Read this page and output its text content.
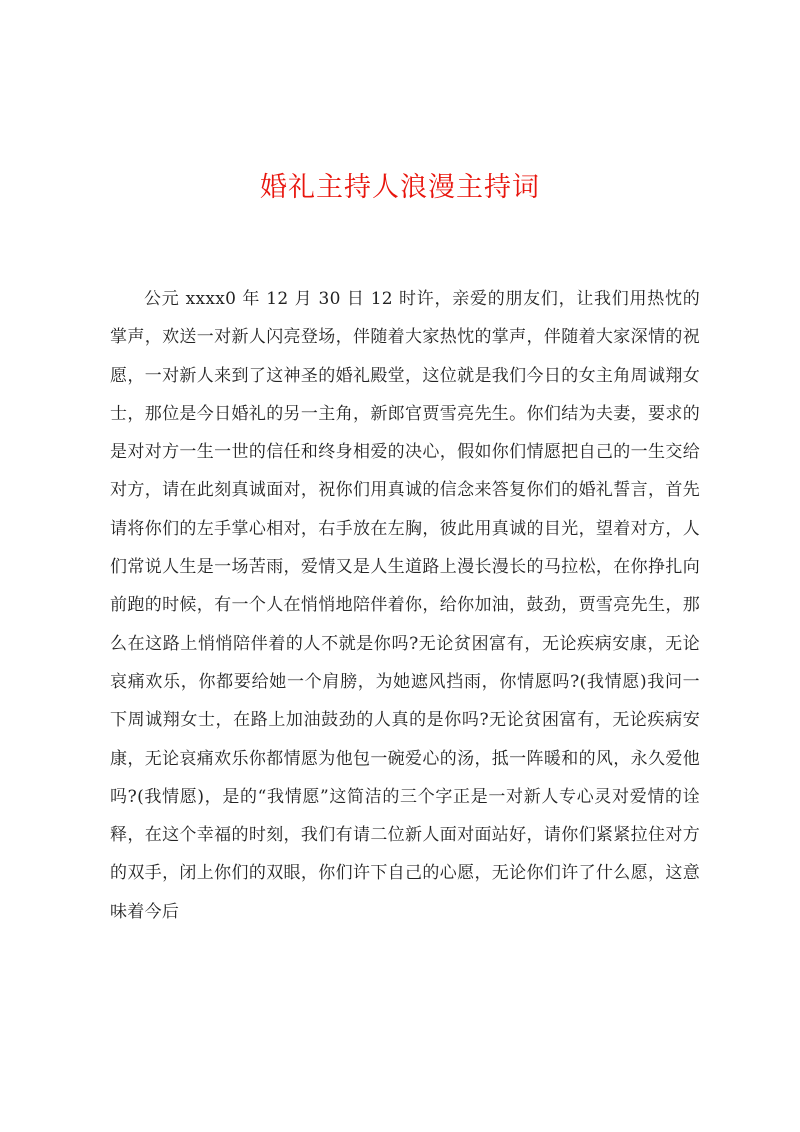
婚礼主持人浪漫主持词

公元 xxxx0 年 12 月 30 日 12 时许，亲爱的朋友们，让我们用热忱的掌声，欢送一对新人闪亮登场，伴随着大家热忱的掌声，伴随着大家深情的祝愿，一对新人来到了这神圣的婚礼殿堂，这位就是我们今日的女主角周诚翔女士，那位是今日婚礼的另一主角，新郎官贾雪亮先生。你们结为夫妻，要求的是对对方一生一世的信任和终身相爱的决心，假如你们情愿把自己的一生交给对方，请在此刻真诚面对，祝你们用真诚的信念来答复你们的婚礼誓言，首先请将你们的左手掌心相对，右手放在左胸，彼此用真诚的目光，望着对方，人们常说人生是一场苦雨，爱情又是人生道路上漫长漫长的马拉松，在你挣扎向前跑的时候，有一个人在悄悄地陪伴着你，给你加油，鼓劲，贾雪亮先生，那么在这路上悄悄陪伴着的人不就是你吗?无论贫困富有，无论疾病安康，无论哀痛欢乐，你都要给她一个肩膀，为她遮风挡雨，你情愿吗?(我情愿)我问一下周诚翔女士，在路上加油鼓劲的人真的是你吗?无论贫困富有，无论疾病安康，无论哀痛欢乐你都情愿为他包一碗爱心的汤，抵一阵暖和的风，永久爱他吗?(我情愿)，是的“我情愿”这简洁的三个字正是一对新人专心灵对爱情的诠释，在这个幸福的时刻，我们有请二位新人面对面站好，请你们紧紧拉住对方的双手，闭上你们的双眼，你们许下自己的心愿，无论你们许了什么愿，这意味着今后
